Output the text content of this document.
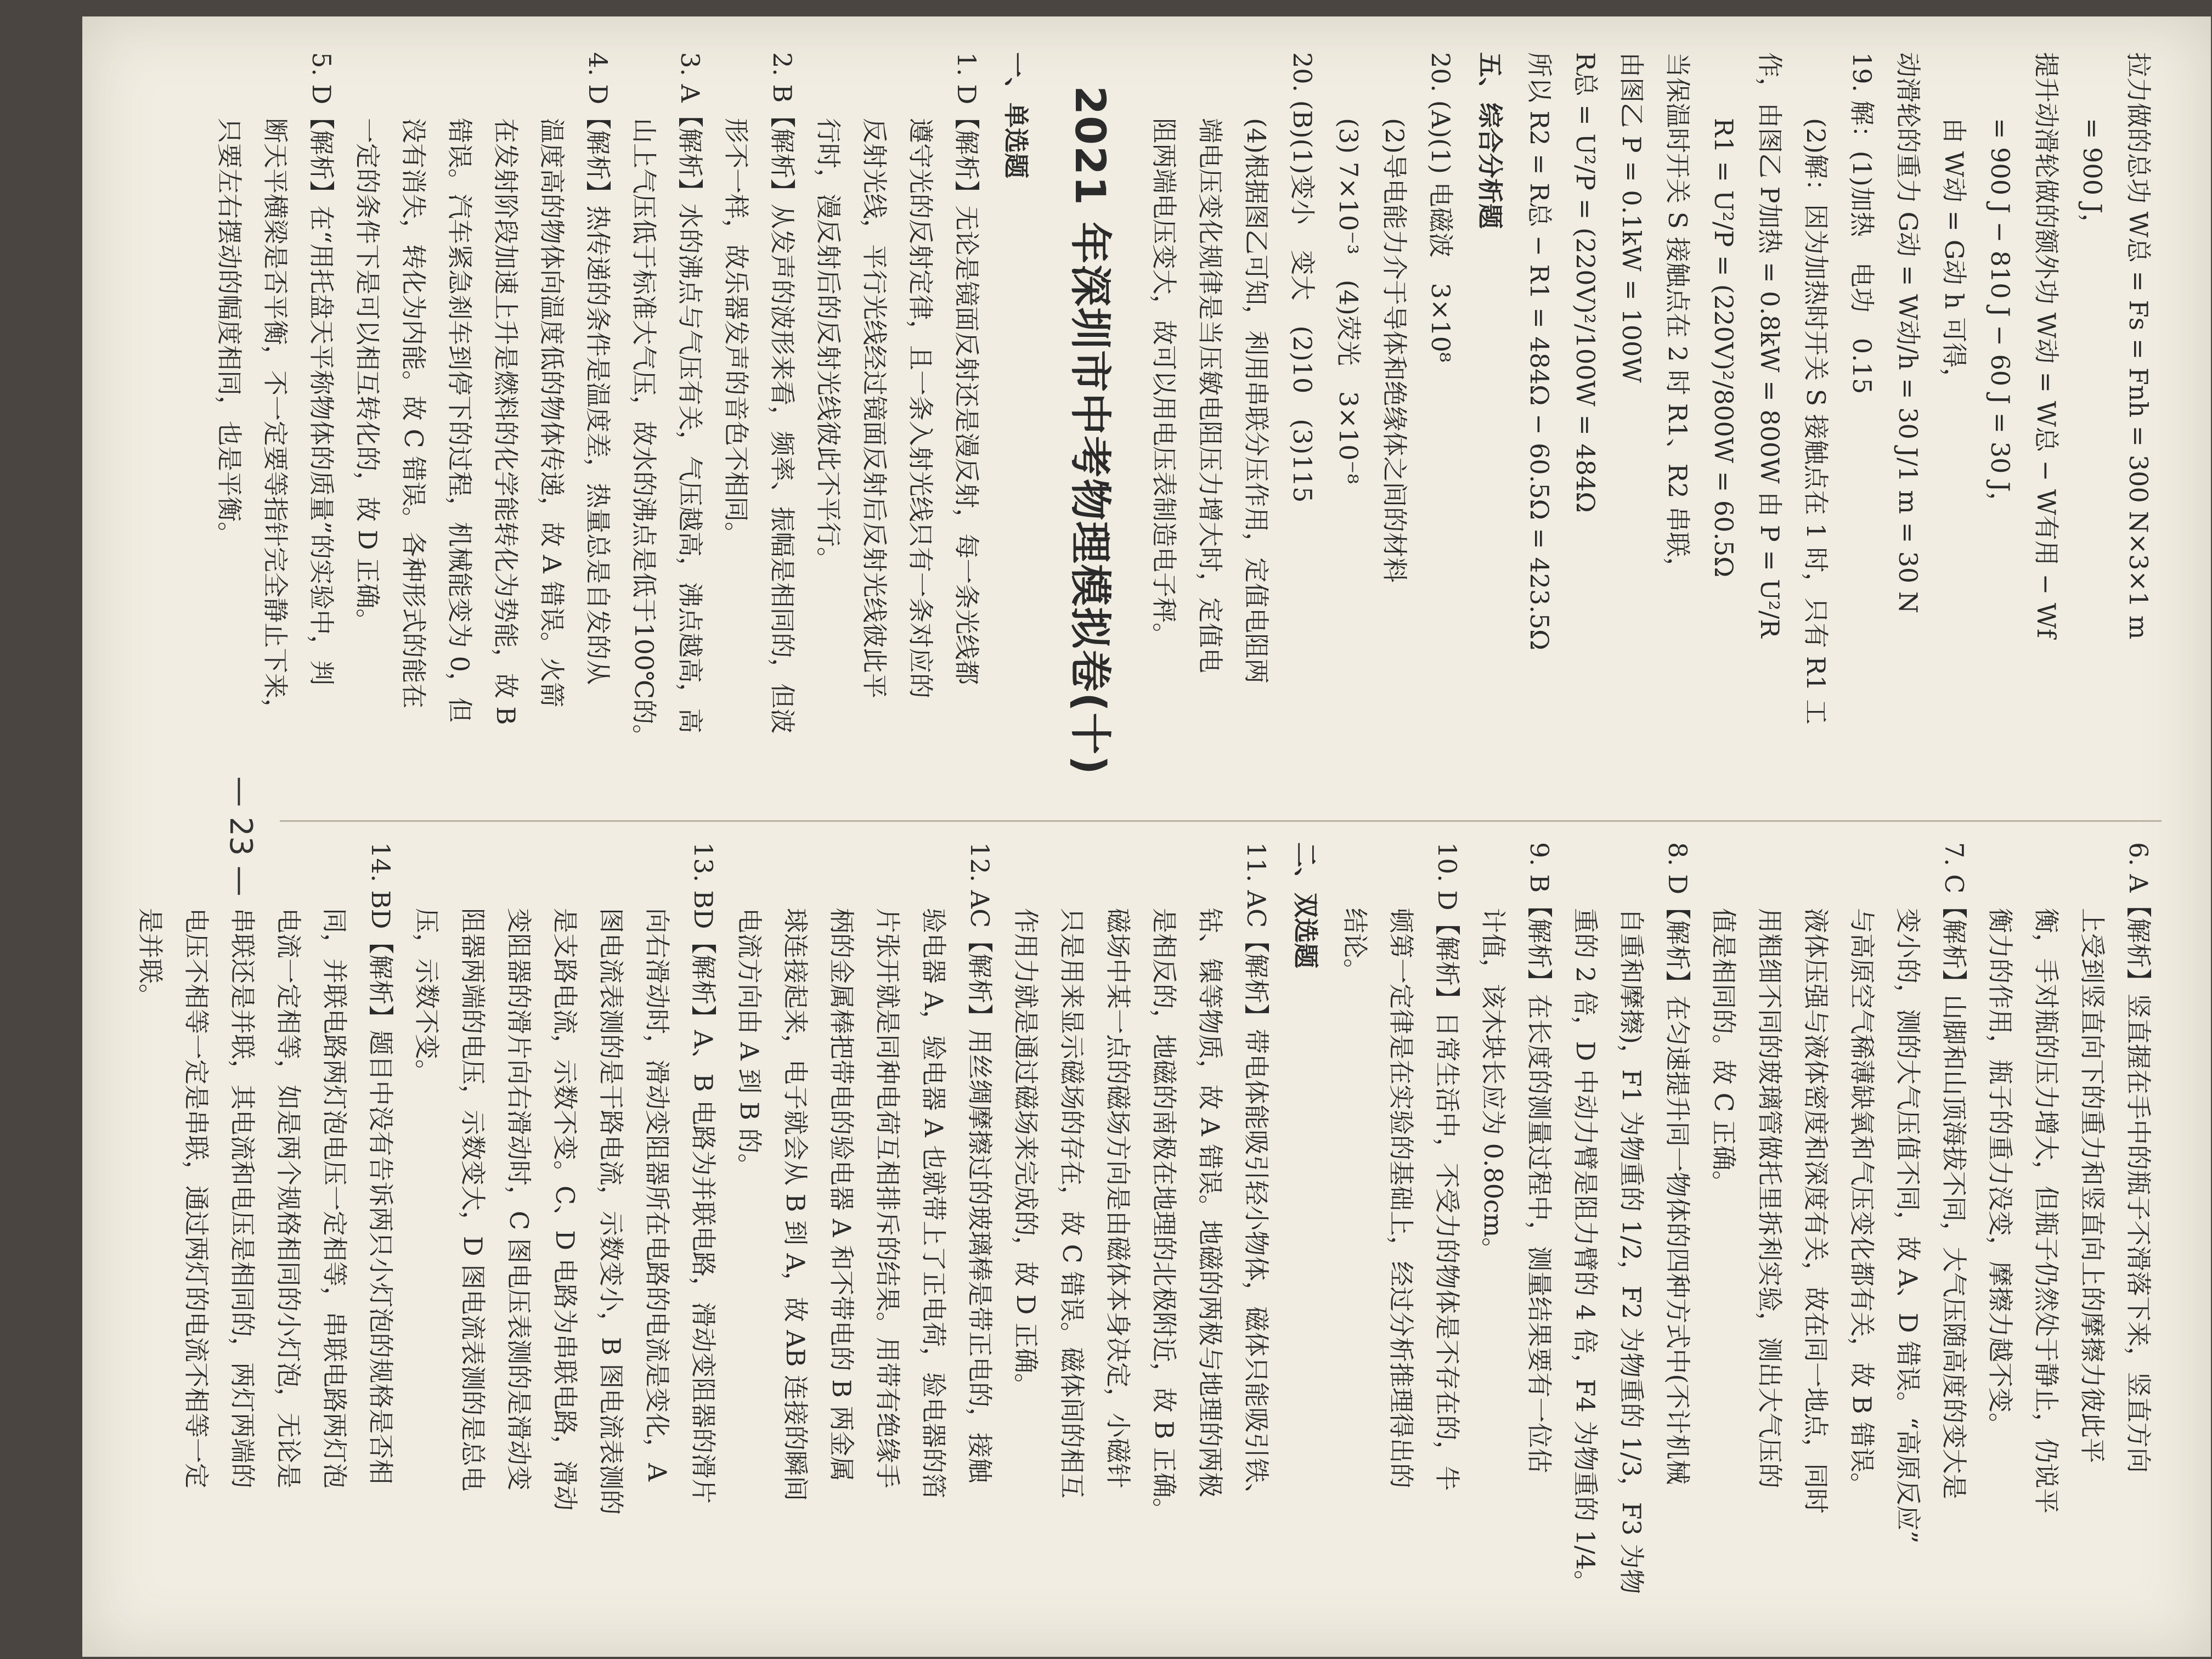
拉力做的总功 W总 = Fs = Fnh = 300 N×3×1 m

= 900 J，

提升动滑轮做的额外功 W动 = W总 − W有用 − Wf

= 900 J − 810 J − 60 J = 30 J，

由 W动 = G动 h 可得，

动滑轮的重力 G动 = W动/h = 30 J/1 m = 30 N

19. 解：(1)加热　电功　0.15

(2)解：因为加热时开关 S 接触点在 1 时，只有 R1 工

作，由图乙 P加热 = 0.8kW = 800W 由 P = U²/R

R1 = U²/P = (220V)²/800W = 60.5Ω

当保温时开关 S 接触点在 2 时 R1、R2 串联，

由图乙 P = 0.1kW = 100W

R总 = U²/P = (220V)²/100W = 484Ω

所以 R2 = R总 − R1 = 484Ω − 60.5Ω = 423.5Ω

五、综合分析题

20. (A)(1) 电磁波　3×10⁸

(2)导电能力介于导体和绝缘体之间的材料

(3) 7×10⁻³　(4)荧光　3×10⁻⁸

20. (B)(1)变小　变大　(2)10　(3)115

(4)根据图乙可知，利用串联分压作用，定值电阻两

端电压变化规律是当压敏电阻压力增大时，定值电

阻两端电压变大，故可以用电压表制造电子秤。

2021 年深圳市中考物理模拟卷(十)

一、单选题

1. D【解析】无论是镜面反射还是漫反射，每一条光线都

遵守光的反射定律，且一条入射光线只有一条对应的

反射光线，平行光线经过镜面反射后反射光线彼此平

行时，漫反射后的反射光线彼此不平行。

2. B【解析】从发声的波形来看，频率、振幅是相同的，但波

形不一样，故乐器发声的音色不相同。

3. A【解析】水的沸点与气压有关，气压越高，沸点越高，高

山上气压低于标准大气压，故水的沸点是低于100℃的。

4. D【解析】热传递的条件是温度差，热量总是自发的从

温度高的物体向温度低的物体传递，故 A 错误。火箭

在发射阶段加速上升是燃料的化学能转化为势能，故 B

错误。汽车紧急刹车到停下的过程，机械能变为 0，但

没有消失，转化为内能。故 C 错误。各种形式的能在

一定的条件下是可以相互转化的，故 D 正确。

5. D【解析】在“用托盘天平称物体的质量”的实验中，判

断天平横梁是否平衡，不一定要等指针完全静止下来，

只要左右摆动的幅度相同，也是平衡。

6. A【解析】竖直握在手中的瓶子不滑落下来，竖直方向

上受到竖直向下的重力和竖直向上的摩擦力彼此平

衡，手对瓶的压力增大，但瓶子仍然处于静止，仍说平

衡力的作用，瓶子的重力没变，摩擦力越不变。

7. C【解析】山脚和山顶海拔不同，大气压随高度的变大是

变小的，测的大气压值不同，故 A、D 错误。“高原反应”

与高原空气稀薄缺氧和气压变化都有关，故 B 错误。

液体压强与液体密度和深度有关，故在同一地点，同时

用粗细不同的玻璃管做托里拆利实验，测出大气压的

值是相同的。故 C 正确。

8. D【解析】在匀速提升同一物体的四种方式中(不计机械

自重和摩擦)，F1 为物重的 1/2，F2 为物重的 1/3，F3 为物

重的 2 倍，D 中动力臂是阻力臂的 4 倍，F4 为物重的 1/4。

9. B【解析】在长度的测量过程中，测量结果要有一位估

计值，该木块长应为 0.80cm。

10. D【解析】日常生活中，不受力的物体是不存在的，牛

顿第一定律是在实验的基础上，经过分析推理得出的

结论。

二、双选题

11. AC【解析】带电体能吸引轻小物体，磁体只能吸引铁、

钴、镍等物质，故 A 错误。地磁的两极与地理的两极

是相反的，地磁的南极在地理的北极附近，故 B 正确。

磁场中某一点的磁场方向是由磁体本身决定，小磁针

只是用来显示磁场的存在，故 C 错误。磁体间的相互

作用力就是通过磁场来完成的，故 D 正确。

12. AC【解析】用丝绸摩擦过的玻璃棒是带正电的，接触

验电器 A，验电器 A 也就带上了正电荷，验电器的箔

片张开就是同种电荷互相排斥的结果。用带有绝缘手

柄的金属棒把带电的验电器 A 和不带电的 B 两金属

球连接起来，电子就会从 B 到 A，故 AB 连接的瞬间

电流方向由 A 到 B 的。

13. BD【解析】A、B 电路为并联电路，滑动变阻器的滑片

向右滑动时，滑动变阻器所在电路的电流是变化，A

图电流表测的是干路电流，示数变小，B 图电流表测的

是支路电流，示数不变。C、D 电路为串联电路，滑动

变阻器的滑片向右滑动时，C 图电压表测的是滑动变

阻器两端的电压，示数变大，D 图电流表测的是总电

压，示数不变。

14. BD【解析】题目中没有告诉两只小灯泡的规格是否相

同，并联电路两灯泡电压一定相等，串联电路两灯泡

电流一定相等，如是两个规格相同的小灯泡，无论是

串联还是并联，其电流和电压是相同的，两灯两端的

电压不相等一定是串联，通过两灯的电流不相等一定

是并联。

— 23 —
